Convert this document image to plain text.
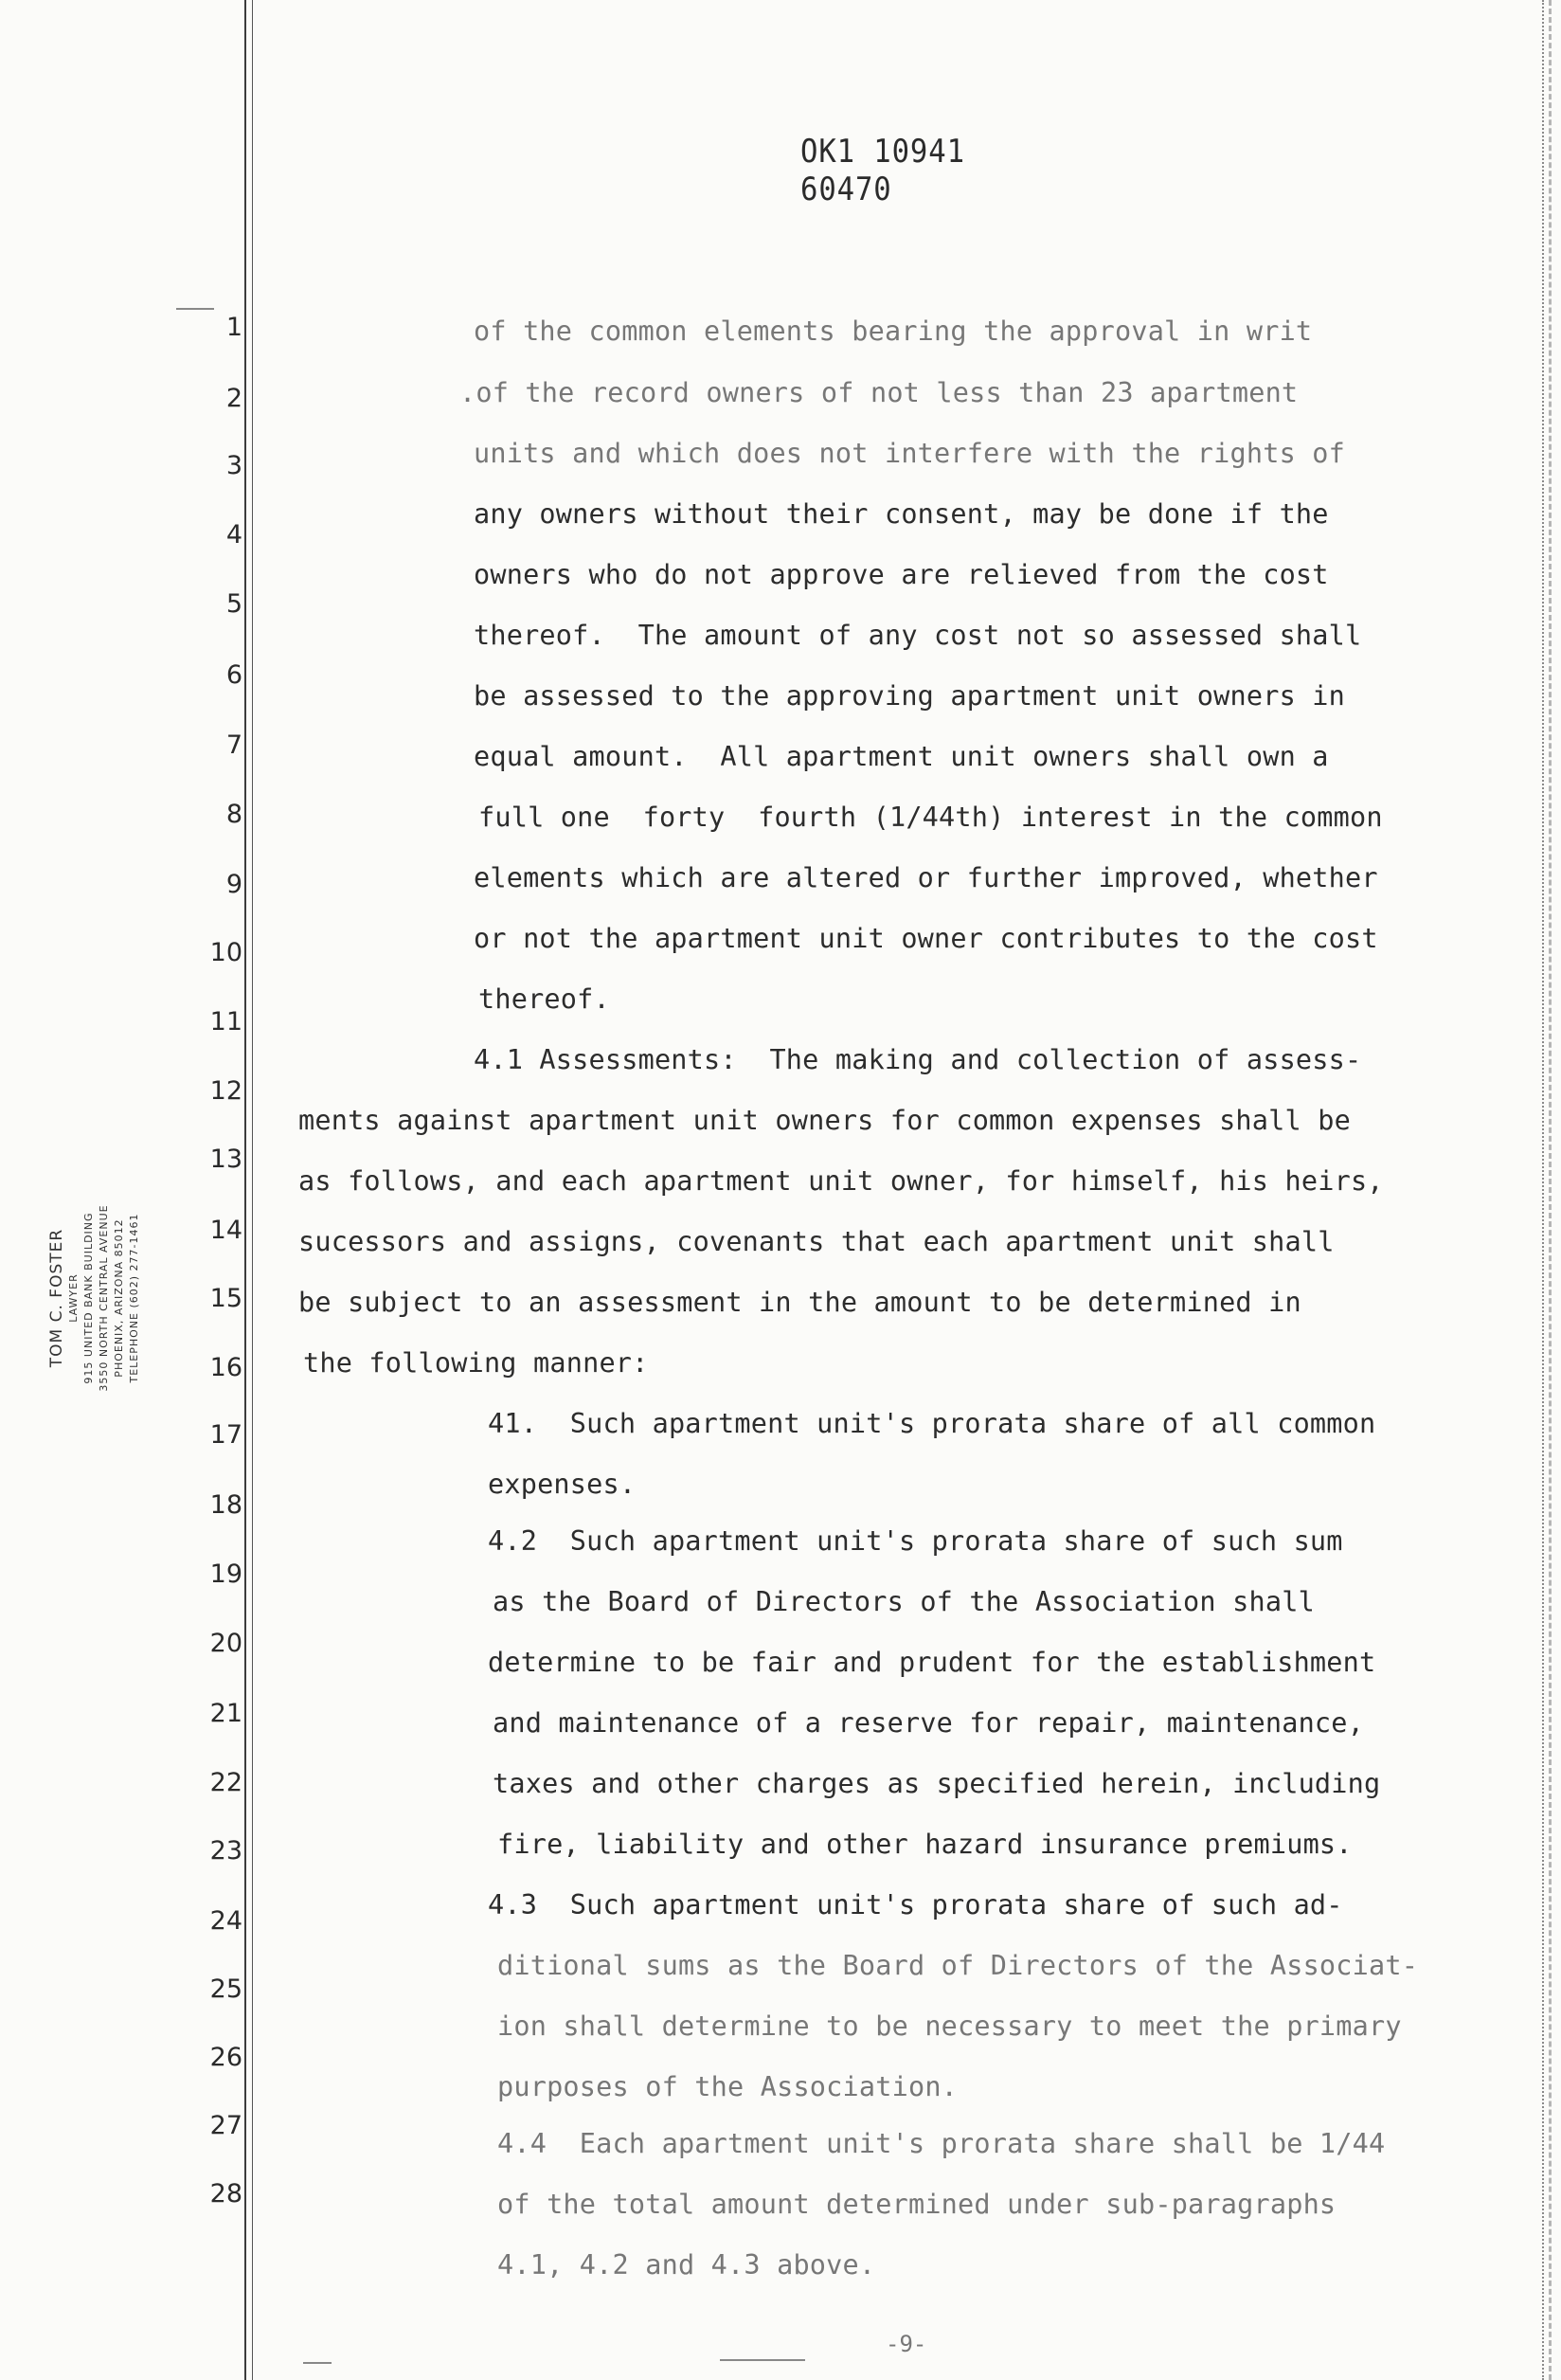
OK1 10941 60470
1
2
3
4
5
6
7
8
9
10
11
12
13
14
15
16
17
18
19
20
21
22
23
24
25
26
27
28
TOM C. FOSTER LAWYER 915 UNITED BANK BUILDING 3550 NORTH CENTRAL AVENUE PHOENIX, ARIZONA 85012 TELEPHONE (602) 277-1461
of the common elements bearing the approval in writ
.of the record owners of not less than 23 apartment
units and which does not interfere with the rights of
any owners without their consent, may be done if the
owners who do not approve are relieved from the cost
thereof.  The amount of any cost not so assessed shall
be assessed to the approving apartment unit owners in
equal amount.  All apartment unit owners shall own a
full one  forty  fourth (1/44th) interest in the common
elements which are altered or further improved, whether
or not the apartment unit owner contributes to the cost
thereof.
4.1 Assessments:  The making and collection of assess-
ments against apartment unit owners for common expenses shall be
as follows, and each apartment unit owner, for himself, his heirs,
sucessors and assigns, covenants that each apartment unit shall
be subject to an assessment in the amount to be determined in
the following manner:
41.  Such apartment unit's prorata share of all common
expenses.
4.2  Such apartment unit's prorata share of such sum
as the Board of Directors of the Association shall
determine to be fair and prudent for the establishment
and maintenance of a reserve for repair, maintenance,
taxes and other charges as specified herein, including
fire, liability and other hazard insurance premiums.
4.3  Such apartment unit's prorata share of such ad-
ditional sums as the Board of Directors of the Associat-
ion shall determine to be necessary to meet the primary
purposes of the Association.
4.4  Each apartment unit's prorata share shall be 1/44
of the total amount determined under sub-paragraphs
4.1, 4.2 and 4.3 above.
-9-
